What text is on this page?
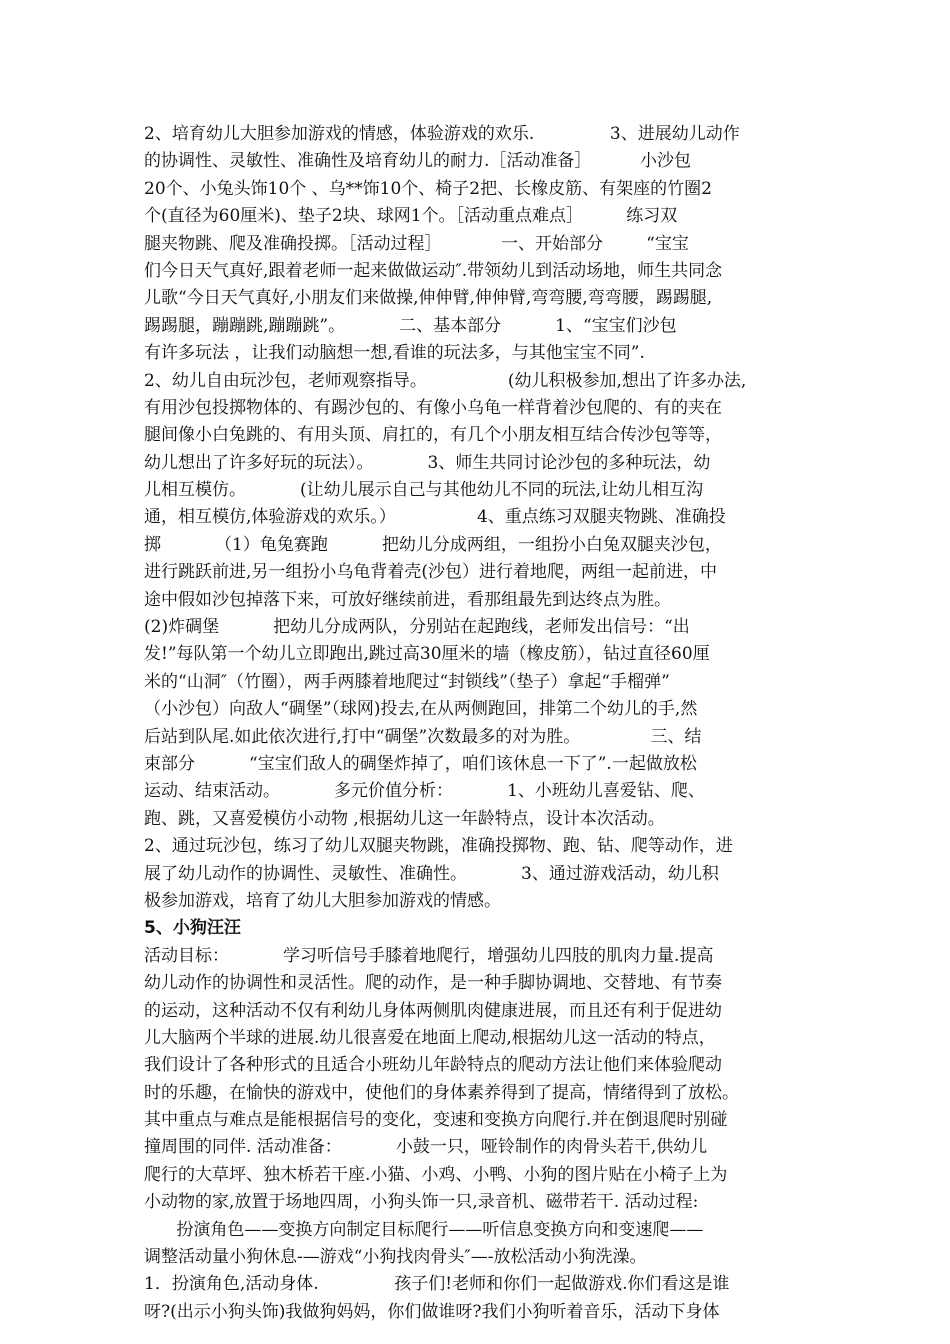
2、培育幼儿大胆参加游戏的情感，体验游戏的欢乐.              3、进展幼儿动作
的协调性、灵敏性、准确性及培育幼儿的耐力.［活动准备］         小沙包
20个、小兔头饰10个 、乌**饰10个、椅子2把、长橡皮筋、有架座的竹圈2
个(直径为60厘米)、垫子2块、球网1个。［活动重点难点］        练习双
腿夹物跳、爬及准确投掷。［活动过程］           一、开始部分        “宝宝
们今日天气真好,跟着老师一起来做做运动″.带领幼儿到活动场地，师生共同念
儿歌“今日天气真好,小朋友们来做操,伸伸臂,伸伸臂,弯弯腰,弯弯腰，踢踢腿,
踢踢腿，蹦蹦跳,蹦蹦跳”。          二、基本部分          1、“宝宝们沙包
有许多玩法 ，让我们动脑想一想,看谁的玩法多，与其他宝宝不同”.
2、幼儿自由玩沙包，老师观察指导。               (幼儿积极参加,想出了许多办法,
有用沙包投掷物体的、有踢沙包的、有像小乌龟一样背着沙包爬的、有的夹在
腿间像小白兔跳的、有用头顶、肩扛的，有几个小朋友相互结合传沙包等等，
幼儿想出了许多好玩的玩法）。          3、师生共同讨论沙包的多种玩法，幼
儿相互模仿。          (让幼儿展示自己与其他幼儿不同的玩法,让幼儿相互沟
通，相互模仿,体验游戏的欢乐。）               4、重点练习双腿夹物跳、准确投
掷          （1）龟兔赛跑          把幼儿分成两组，一组扮小白兔双腿夹沙包，
进行跳跃前进,另一组扮小乌龟背着壳(沙包）进行着地爬，两组一起前进，中
途中假如沙包掉落下来，可放好继续前进，看那组最先到达终点为胜。
(2)炸碉堡          把幼儿分成两队，分别站在起跑线，老师发出信号：“出
发!”每队第一个幼儿立即跑出,跳过高30厘米的墙（橡皮筋），钻过直径60厘
米的“山洞″（竹圈），两手两膝着地爬过“封锁线”（垫子）拿起“手榴弹”
（小沙包）向敌人“碉堡”（球网)投去,在从两侧跑回，排第二个幼儿的手,然
后站到队尾.如此依次进行,打中“碉堡”次数最多的对为胜。             三、结
束部分          “宝宝们敌人的碉堡炸掉了，咱们该休息一下了”.一起做放松
运动、结束活动。          多元价值分析：          1、小班幼儿喜爱钻、爬、
跑、跳，又喜爱模仿小动物 ,根据幼儿这一年龄特点，设计本次活动。
2、通过玩沙包，练习了幼儿双腿夹物跳，准确投掷物、跑、钻、爬等动作，进
展了幼儿动作的协调性、灵敏性、准确性。          3、通过游戏活动，幼儿积
极参加游戏，培育了幼儿大胆参加游戏的情感。
5、小狗汪汪
活动目标：          学习听信号手膝着地爬行，增强幼儿四肢的肌肉力量.提高
幼儿动作的协调性和灵活性。爬的动作，是一种手脚协调地、交替地、有节奏
的运动，这种活动不仅有利幼儿身体两侧肌肉健康进展，而且还有利于促进幼
儿大脑两个半球的进展.幼儿很喜爱在地面上爬动,根据幼儿这一活动的特点，
我们设计了各种形式的且适合小班幼儿年龄特点的爬动方法让他们来体验爬动
时的乐趣，在愉快的游戏中，使他们的身体素养得到了提高，情绪得到了放松。
其中重点与难点是能根据信号的变化，变速和变换方向爬行.并在倒退爬时别碰
撞周围的同伴. 活动准备：          小鼓一只，哑铃制作的肉骨头若干,供幼儿
爬行的大草坪、独木桥若干座.小猫、小鸡、小鸭、小狗的图片贴在小椅子上为
小动物的家,放置于场地四周，小狗头饰一只,录音机、磁带若干. 活动过程:
扮演角色——变换方向制定目标爬行——听信息变换方向和变速爬——
调整活动量小狗休息-—游戏“小狗找肉骨头″—-放松活动小狗洗澡。
1．扮演角色,活动身体.              孩子们!老师和你们一起做游戏.你们看这是谁
呀?(出示小狗头饰)我做狗妈妈，你们做谁呀?我们小狗听着音乐，活动下身体
